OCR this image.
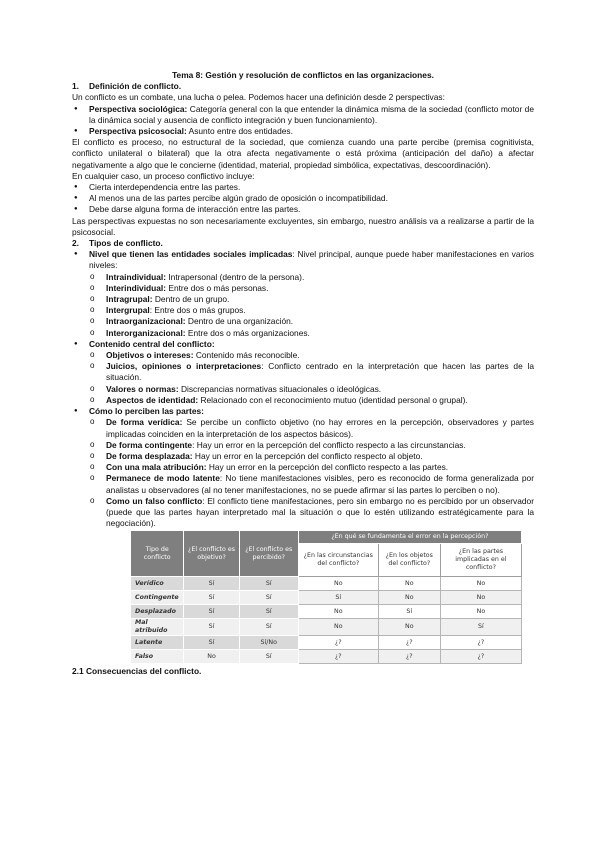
Tema 8: Gestión y resolución de conflictos en las organizaciones.

1. Definición de conflicto.

Un conflicto es un combate, una lucha o pelea. Podemos hacer una definición desde 2 perspectivas:

● Perspectiva sociológica: Categoría general con la que entender la dinámica misma de la sociedad (conflicto motor de la dinámica social y ausencia de conflicto integración y buen funcionamiento).

● Perspectiva psicosocial: Asunto entre dos entidades.

El conflicto es proceso, no estructural de la sociedad, que comienza cuando una parte percibe (premisa cognitivista, conflicto unilateral o bilateral) que la otra afecta negativamente o está próxima (anticipación del daño) a afectar negativamente a algo que le concierne (identidad, material, propiedad simbólica, expectativas, descoordinación).

En cualquier caso, un proceso conflictivo incluye:

● Cierta interdependencia entre las partes.

● Al menos una de las partes percibe algún grado de oposición o incompatibilidad.

● Debe darse alguna forma de interacción entre las partes.

Las perspectivas expuestas no son necesariamente excluyentes, sin embargo, nuestro análisis va a realizarse a partir de la psicosocial.

2. Tipos de conflicto.

● Nivel que tienen las entidades sociales implicadas: Nivel principal, aunque puede haber manifestaciones en varios niveles:

o Intraindividual: Intrapersonal (dentro de la persona).

o Interindividual: Entre dos o más personas.

o Intragrupal: Dentro de un grupo.

o Intergrupal: Entre dos o más grupos.

o Intraorganizacional: Dentro de una organización.

o Interorganizacional: Entre dos o más organizaciones.

● Contenido central del conflicto:

o Objetivos o intereses: Contenido más reconocible.

o Juicios, opiniones o interpretaciones: Conflicto centrado en la interpretación que hacen las partes de la situación.

o Valores o normas: Discrepancias normativas situacionales o ideológicas.

o Aspectos de identidad: Relacionado con el reconocimiento mutuo (identidad personal o grupal).

● Cómo lo perciben las partes:

o De forma verídica: Se percibe un conflicto objetivo (no hay errores en la percepción, observadores y partes implicadas coinciden en la interpretación de los aspectos básicos).

o De forma contingente: Hay un error en la percepción del conflicto respecto a las circunstancias.

o De forma desplazada: Hay un error en la percepción del conflicto respecto al objeto.

o Con una mala atribución: Hay un error en la percepción del conflicto respecto a las partes.

o Permanece de modo latente: No tiene manifestaciones visibles, pero es reconocido de forma generalizada por analistas u observadores (al no tener manifestaciones, no se puede afirmar si las partes lo perciben o no).

o Como un falso conflicto: El conflicto tiene manifestaciones, pero sin embargo no es percibido por un observador (puede que las partes hayan interpretado mal la situación o que lo estén utilizando estratégicamente para la negociación).

Tipo de conflicto	¿El conflicto es objetivo?	¿El conflicto es percibido?	¿En qué se fundamenta el error en la percepción?		
			¿En las circunstancias del conflicto?	¿En los objetos del conflicto?	¿En las partes implicadas en el conflicto?
Verídico	Sí	Sí	No	No	No
Contingente	Sí	Sí	Sí	No	No
Desplazado	Sí	Sí	No	Sí	No
Mal atribuido	Sí	Sí	No	No	Sí
Latente	Sí	Sí/No	¿?	¿?	¿?
Falso	No	Sí	¿?	¿?	¿?

2.1 Consecuencias del conflicto.
